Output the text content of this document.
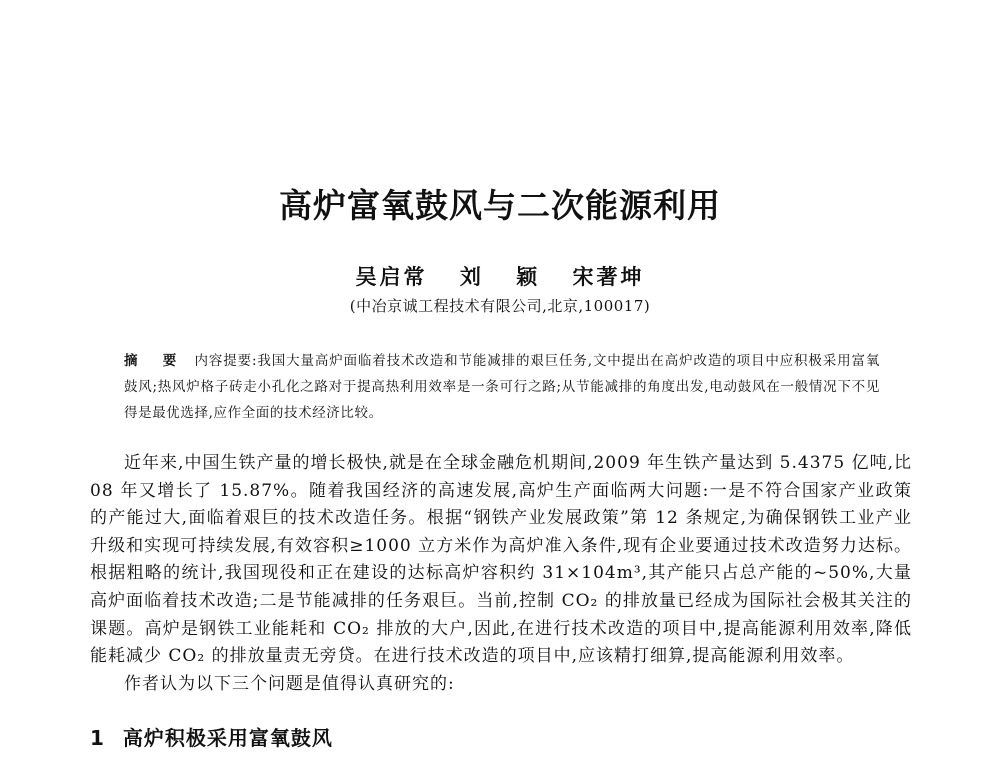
高炉富氧鼓风与二次能源利用
吴启常 刘 颖 宋著坤
(中冶京诚工程技术有限公司,北京,100017)
摘 要 内容提要:我国大量高炉面临着技术改造和节能减排的艰巨任务,文中提出在高炉改造的项目中应积极采用富氧鼓风;热风炉格子砖走小孔化之路对于提高热利用效率是一条可行之路;从节能减排的角度出发,电动鼓风在一般情况下不见得是最优选择,应作全面的技术经济比较。

近年来,中国生铁产量的增长极快,就是在全球金融危机期间,2009 年生铁产量达到 5.4375 亿吨,比 08 年又增长了 15.87%。随着我国经济的高速发展,高炉生产面临两大问题:一是不符合国家产业政策的产能过大,面临着艰巨的技术改造任务。根据“钢铁产业发展政策”第 12 条规定,为确保钢铁工业产业升级和实现可持续发展,有效容积≥1000 立方米作为高炉准入条件,现有企业要通过技术改造努力达标。根据粗略的统计,我国现役和正在建设的达标高炉容积约 31×104m³,其产能只占总产能的~50%,大量高炉面临着技术改造;二是节能减排的任务艰巨。当前,控制 CO₂ 的排放量已经成为国际社会极其关注的课题。高炉是钢铁工业能耗和 CO₂ 排放的大户,因此,在进行技术改造的项目中,提高能源利用效率,降低能耗减少 CO₂ 的排放量责无旁贷。在进行技术改造的项目中,应该精打细算,提高能源利用效率。

作者认为以下三个问题是值得认真研究的:

1 高炉积极采用富氧鼓风
